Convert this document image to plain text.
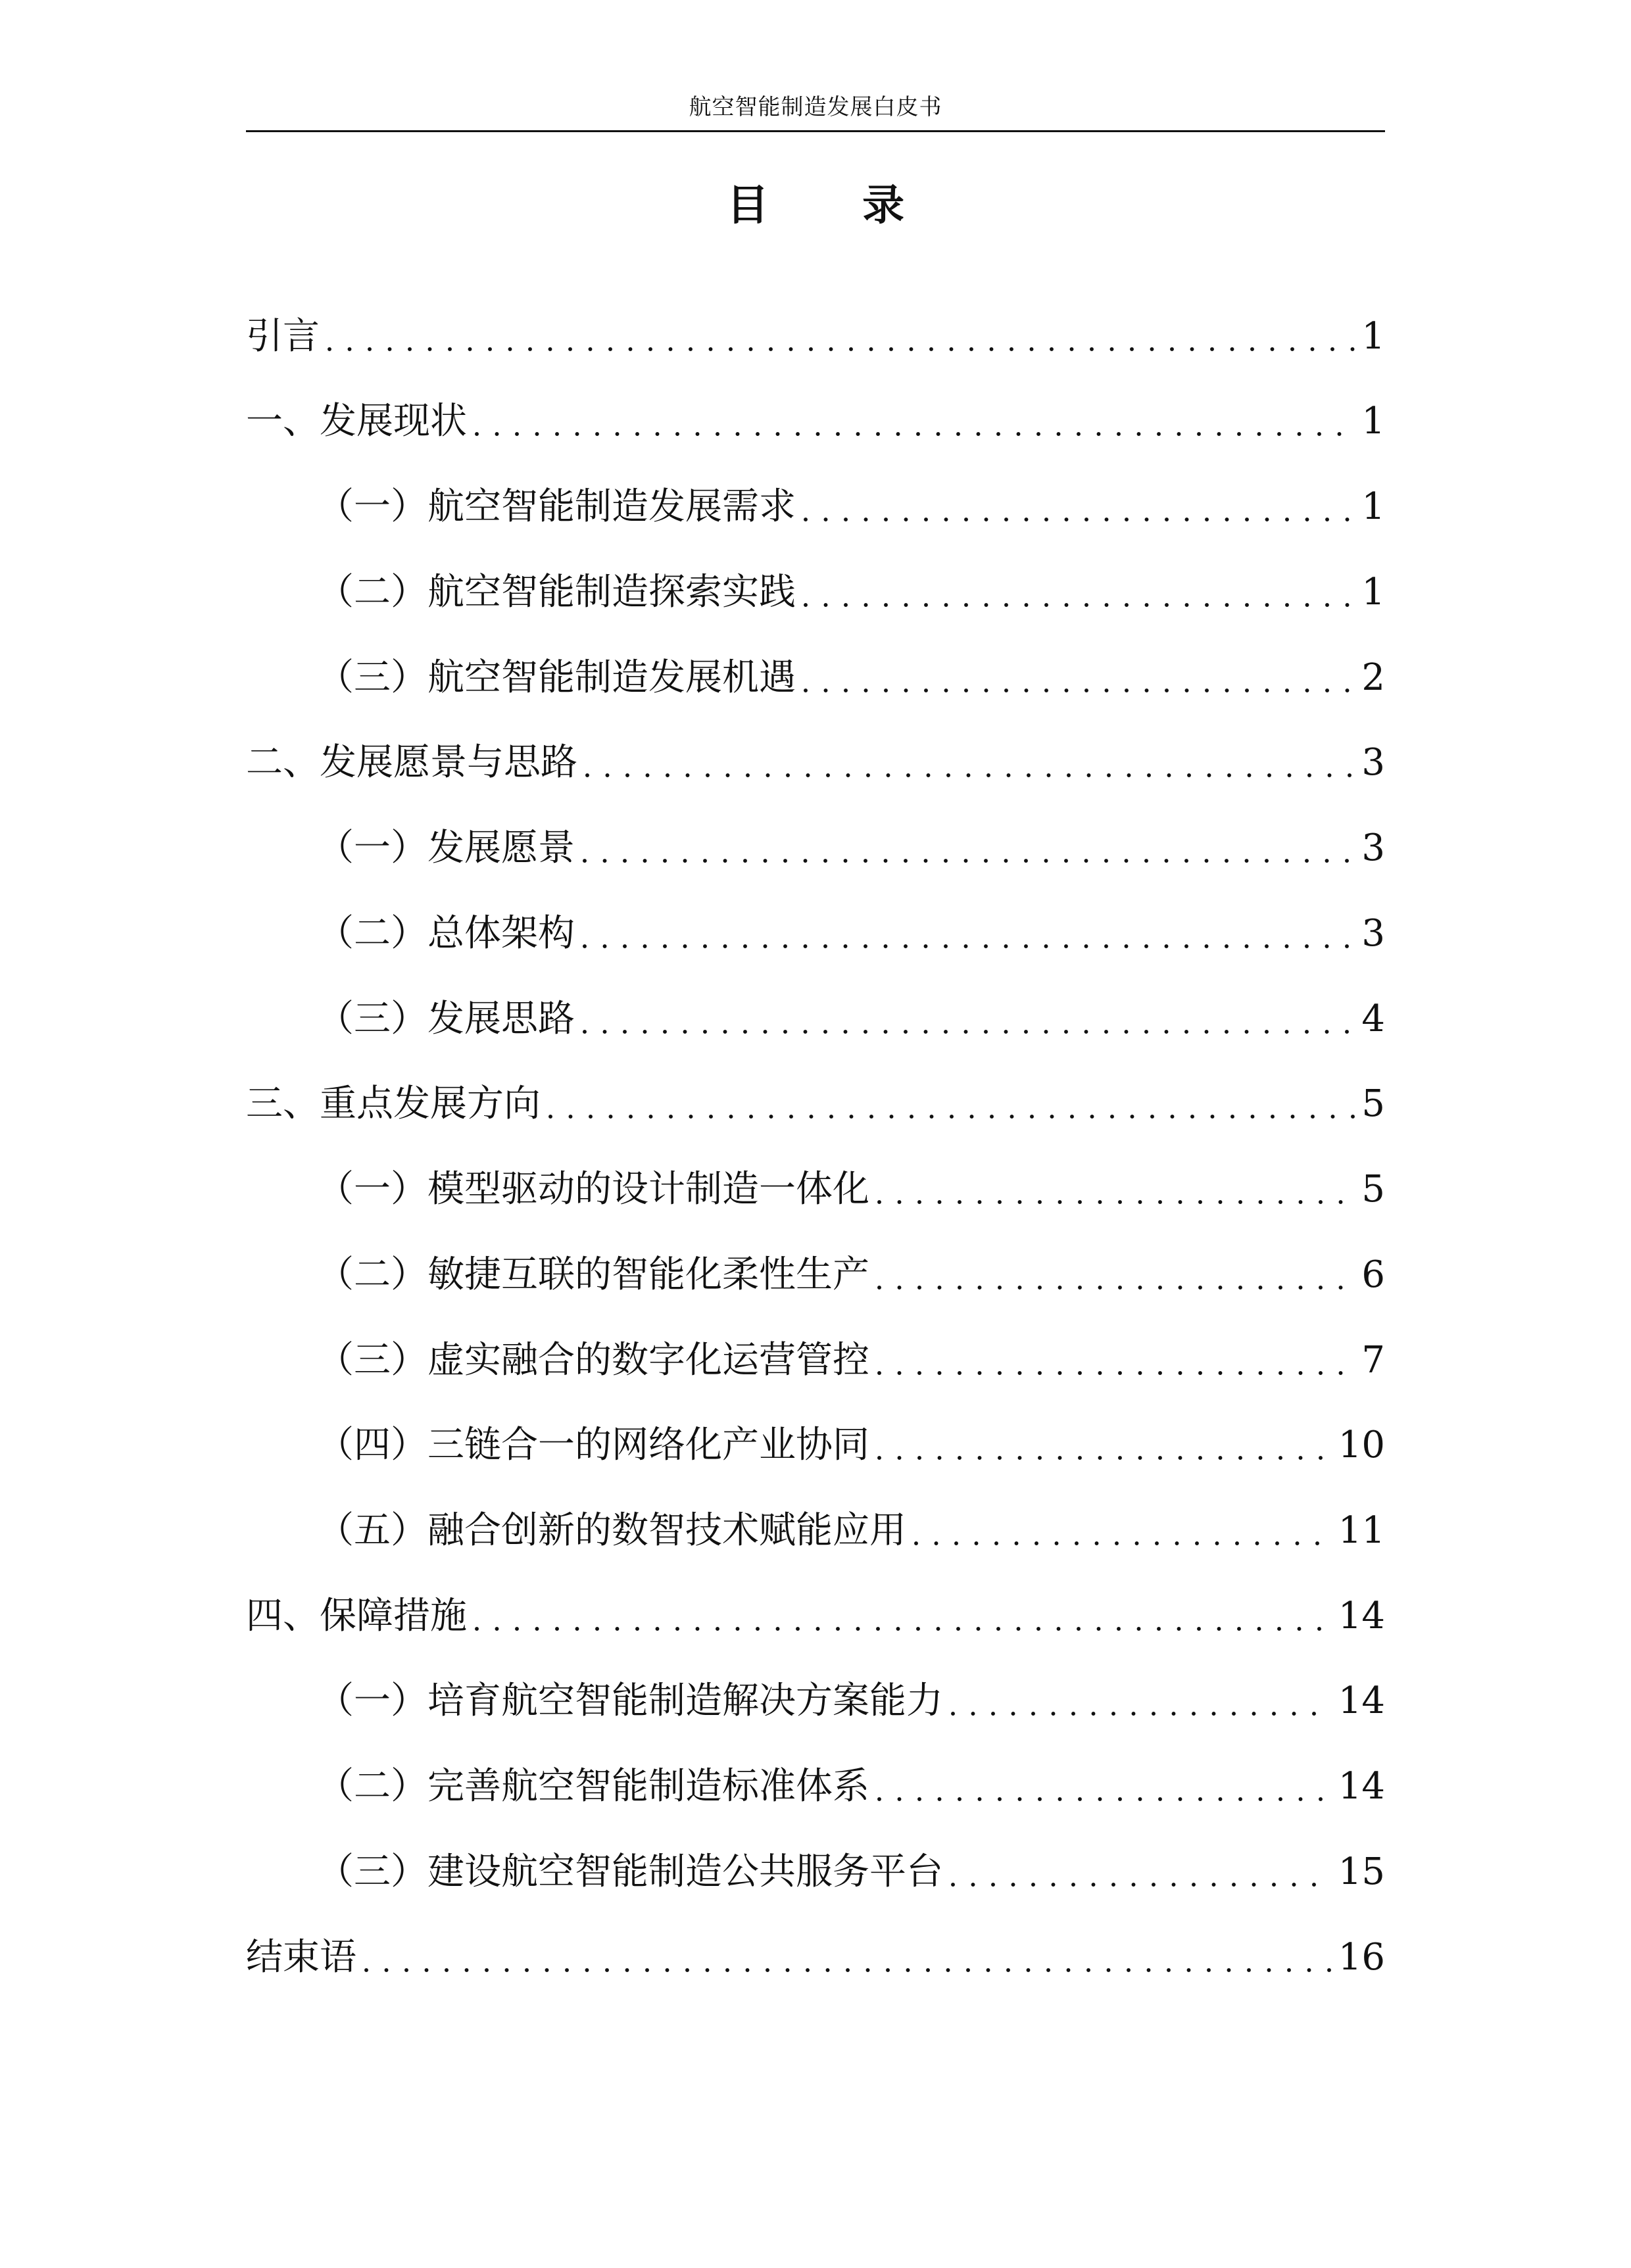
航空智能制造发展白皮书
目 录
引言	1
一、发展现状	1
（一）航空智能制造发展需求	1
（二）航空智能制造探索实践	1
（三）航空智能制造发展机遇	2
二、发展愿景与思路	3
（一）发展愿景	3
（二）总体架构	3
（三）发展思路	4
三、重点发展方向	5
（一）模型驱动的设计制造一体化	5
（二）敏捷互联的智能化柔性生产	6
（三）虚实融合的数字化运营管控	7
（四）三链合一的网络化产业协同	10
（五）融合创新的数智技术赋能应用	11
四、保障措施	14
（一）培育航空智能制造解决方案能力	14
（二）完善航空智能制造标准体系	14
（三）建设航空智能制造公共服务平台	15
结束语	16
